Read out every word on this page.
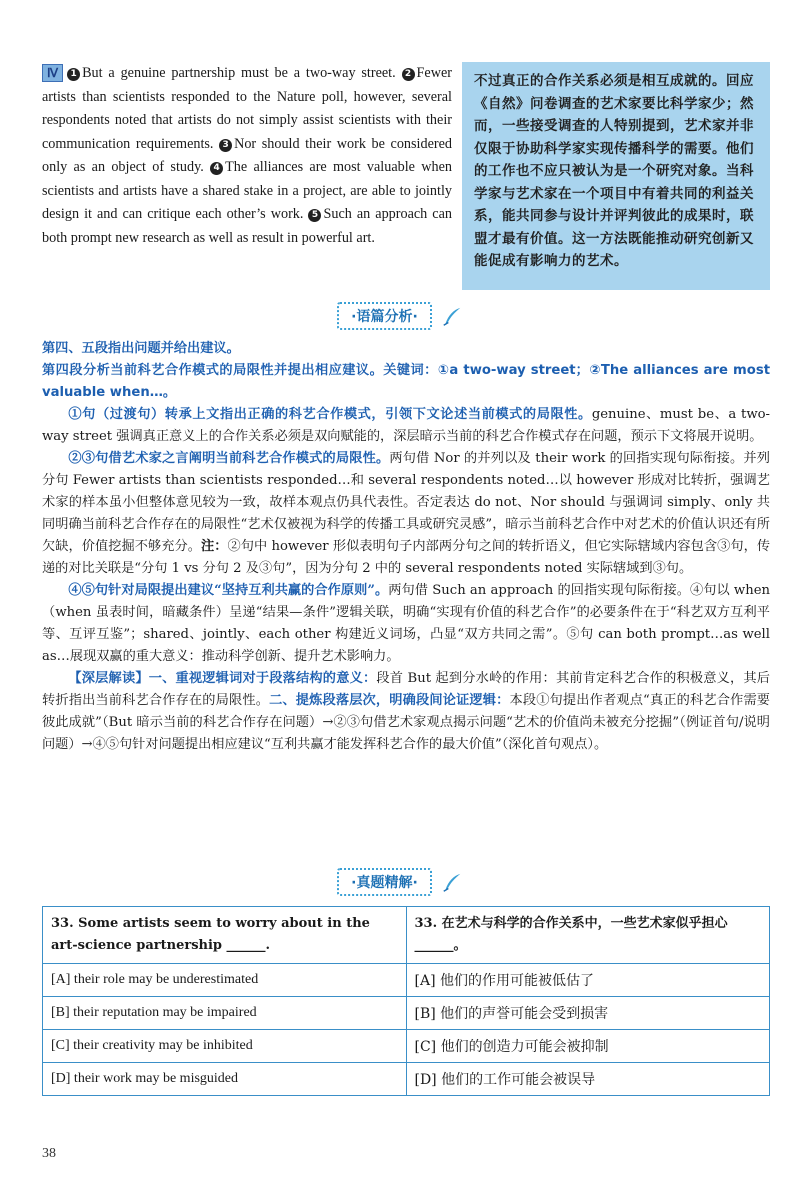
Ⅳ 1 But a genuine partnership must be a two-way street. 2 Fewer artists than scientists responded to the Nature poll, however, several respondents noted that artists do not simply assist scientists with their communication requirements. 3 Nor should their work be considered only as an object of study. 4 The alliances are most valuable when scientists and artists have a shared stake in a project, are able to jointly design it and can critique each other’s work. 5 Such an approach can both prompt new research as well as result in powerful art.
不过真正的合作关系必须是相互成就的。回应《自然》问卷调查的艺术家要比科学家少；然而，一些接受调查的人特别提到，艺术家并非仅限于协助科学家实现传播科学的需要。他们的工作也不应只被认为是一个研究对象。当科学家与艺术家在一个项目中有着共同的利益关系，能共同参与设计并评判彼此的成果时，联盟才最有价值。这一方法既能推动研究创新又能促成有影响力的艺术。
·语篇分析·

第四、五段指出问题并给出建议。

第四段分析当前科艺合作模式的局限性并提出相应建议。关键词：①a two-way street；②The alliances are most valuable when…。

①句（过渡句）转承上文指出正确的科艺合作模式，引领下文论述当前模式的局限性。genuine、must be、a two-way street 强调真正意义上的合作关系必须是双向赋能的，深层暗示当前的科艺合作模式存在问题，预示下文将展开说明。

②③句借艺术家之言阐明当前科艺合作模式的局限性。两句借 Nor 的并列以及 their work 的回指实现句际衔接。并列分句 Fewer artists than scientists responded…和 several respondents noted…以 however 形成对比转折，强调艺术家的样本虽小但整体意见较为一致，故样本观点仍具代表性。否定表达 do not、Nor should 与强调词 simply、only 共同明确当前科艺合作存在的局限性“艺术仅被视为科学的传播工具或研究灵感”，暗示当前科艺合作中对艺术的价值认识还有所欠缺，价值挖掘不够充分。注：②句中 however 形似表明句子内部两分句之间的转折语义，但它实际辖域内容包含③句，传递的对比关联是“分句 1 vs 分句 2 及③句”，因为分句 2 中的 several respondents noted 实际辖域到③句。

④⑤句针对局限提出建议“坚持互利共赢的合作原则”。两句借 Such an approach 的回指实现句际衔接。④句以 when（when 虽表时间，暗藏条件）呈递“结果—条件”逻辑关联，明确“实现有价值的科艺合作”的必要条件在于“科艺双方互利平等、互评互鉴”；shared、jointly、each other 构建近义词场，凸显“双方共同之需”。⑤句 can both prompt…as well as…展现双赢的重大意义：推动科学创新、提升艺术影响力。

【深层解读】一、重视逻辑词对于段落结构的意义：段首 But 起到分水岭的作用：其前肯定科艺合作的积极意义，其后转折指出当前科艺合作存在的局限性。二、提炼段落层次，明确段间论证逻辑：本段①句提出作者观点“真正的科艺合作需要彼此成就”（But 暗示当前的科艺合作存在问题）→②③句借艺术家观点揭示问题“艺术的价值尚未被充分挖掘”（例证首句/说明问题）→④⑤句针对问题提出相应建议“互利共赢才能发挥科艺合作的最大价值”（深化首句观点）。

·真题精解·
33. Some artists seem to worry about in the art-science partnership ______.	33. 在艺术与科学的合作关系中，一些艺术家似乎担心______。
[A] their role may be underestimated	[A] 他们的作用可能被低估了
[B] their reputation may be impaired	[B] 他们的声誉可能会受到损害
[C] their creativity may be inhibited	[C] 他们的创造力可能会被抑制
[D] their work may be misguided	[D] 他们的工作可能会被误导
38
